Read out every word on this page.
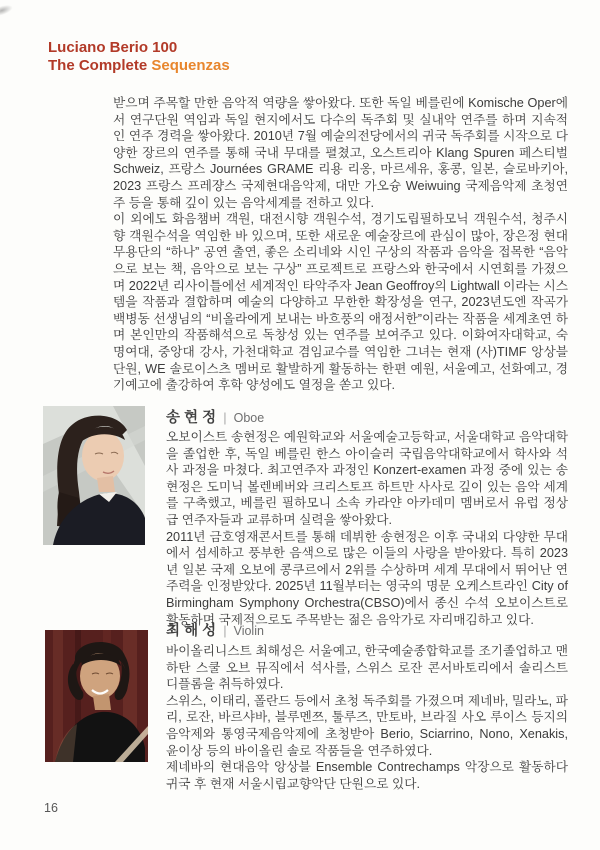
Luciano Berio 100
The Complete Sequenzas

받으며 주목할 만한 음악적 역량을 쌓아왔다. 또한 독일 베를린에 Komische Oper에서 연구단원 역임과 독일 현지에서도 다수의 독주회 및 실내악 연주를 하며 지속적인 연주 경력을 쌓아왔다. 2010년 7월 예술의전당에서의 귀국 독주회를 시작으로 다양한 장르의 연주를 통해 국내 무대를 펼쳤고, 오스트리아 Klang Spuren 페스티벌 Schweiz, 프랑스 Journées GRAME 리용 리옹, 마르세유, 홍콩, 일본, 슬로바키아, 2023 프랑스 프레쟝스 국제현대음악제, 대만 가오슝 Weiwuing 국제음악제 초청연주 등을 통해 깊이 있는 음악세계를 전하고 있다.

이 외에도 화음챔버 객원, 대전시향 객원수석, 경기도립필하모닉 객원수석, 청주시향 객원수석을 역임한 바 있으며, 또한 새로운 예술장르에 관심이 많아, 장은정 현대 무용단의 “하나” 공연 출연, 좋은 소리네와 시인 구상의 작품과 음악을 접목한 “음악으로 보는 책, 음악으로 보는 구상” 프로젝트로 프랑스와 한국에서 시연회를 가졌으며 2022년 리사이틀에선 세계적인 타악주자 Jean Geoffroy의 Lightwall 이라는 시스템을 작품과 결합하며 예술의 다양하고 무한한 확장성을 연구, 2023년도엔 작곡가 백병동 선생님의 “비올라에게 보내는 바흐풍의 애정서한”이라는 작품을 세계초연 하며 본인만의 작품해석으로 독창성 있는 연주를 보여주고 있다. 이화여자대학교, 숙명여대, 중앙대 강사, 가천대학교 겸임교수를 역임한 그녀는 현재 (사)TIMF 앙상블 단원, WE 솔로이스츠 멤버로 활발하게 활동하는 한편 예원, 서울예고, 선화예고, 경기예고에 출강하여 후학 양성에도 열정을 쏟고 있다.

송현정 | Oboe

오보이스트 송현정은 예원학교와 서울예술고등학교, 서울대학교 음악대학을 졸업한 후, 독일 베를린 한스 아이슬러 국립음악대학교에서 학사와 석사 과정을 마쳤다. 최고연주자 과정인 Konzert-examen 과정 중에 있는 송현정은 도미닉 볼렌베버와 크리스토프 하트만 사사로 깊이 있는 음악 세계를 구축했고, 베를린 필하모니 소속 카라얀 아카데미 멤버로서 유럽 정상급 연주자들과 교류하며 실력을 쌓아왔다.

2011년 금호영재콘서트를 통해 데뷔한 송현정은 이후 국내외 다양한 무대에서 섬세하고 풍부한 음색으로 많은 이들의 사랑을 받아왔다. 특히 2023년 일본 국제 오보에 콩쿠르에서 2위를 수상하며 세계 무대에서 뛰어난 연주력을 인정받았다. 2025년 11월부터는 영국의 명문 오케스트라인 City of Birmingham Symphony Orchestra(CBSO)에서 종신 수석 오보이스트로 활동하며 국제적으로도 주목받는 젊은 음악가로 자리매김하고 있다.

최해성 | Violin

바이올리니스트 최해성은 서울예고, 한국예술종합학교를 조기졸업하고 맨하탄 스쿨 오브 뮤직에서 석사를, 스위스 로잔 콘서바토리에서 솔리스트 디플롬을 취득하였다.

스위스, 이태리, 폴란드 등에서 초청 독주회를 가졌으며 제네바, 밀라노, 파리, 로잔, 바르샤바, 블루멘쯔, 툴루즈, 만토바, 브라질 사오 루이스 등지의 음악제와 통영국제음악제에 초청받아 Berio, Sciarrino, Nono, Xenakis, 윤이상 등의 바이올린 솔로 작품들을 연주하였다.

제네바의 현대음악 앙상블 Ensemble Contrechamps 악장으로 활동하다 귀국 후 현재 서울시립교향악단 단원으로 있다.

16
